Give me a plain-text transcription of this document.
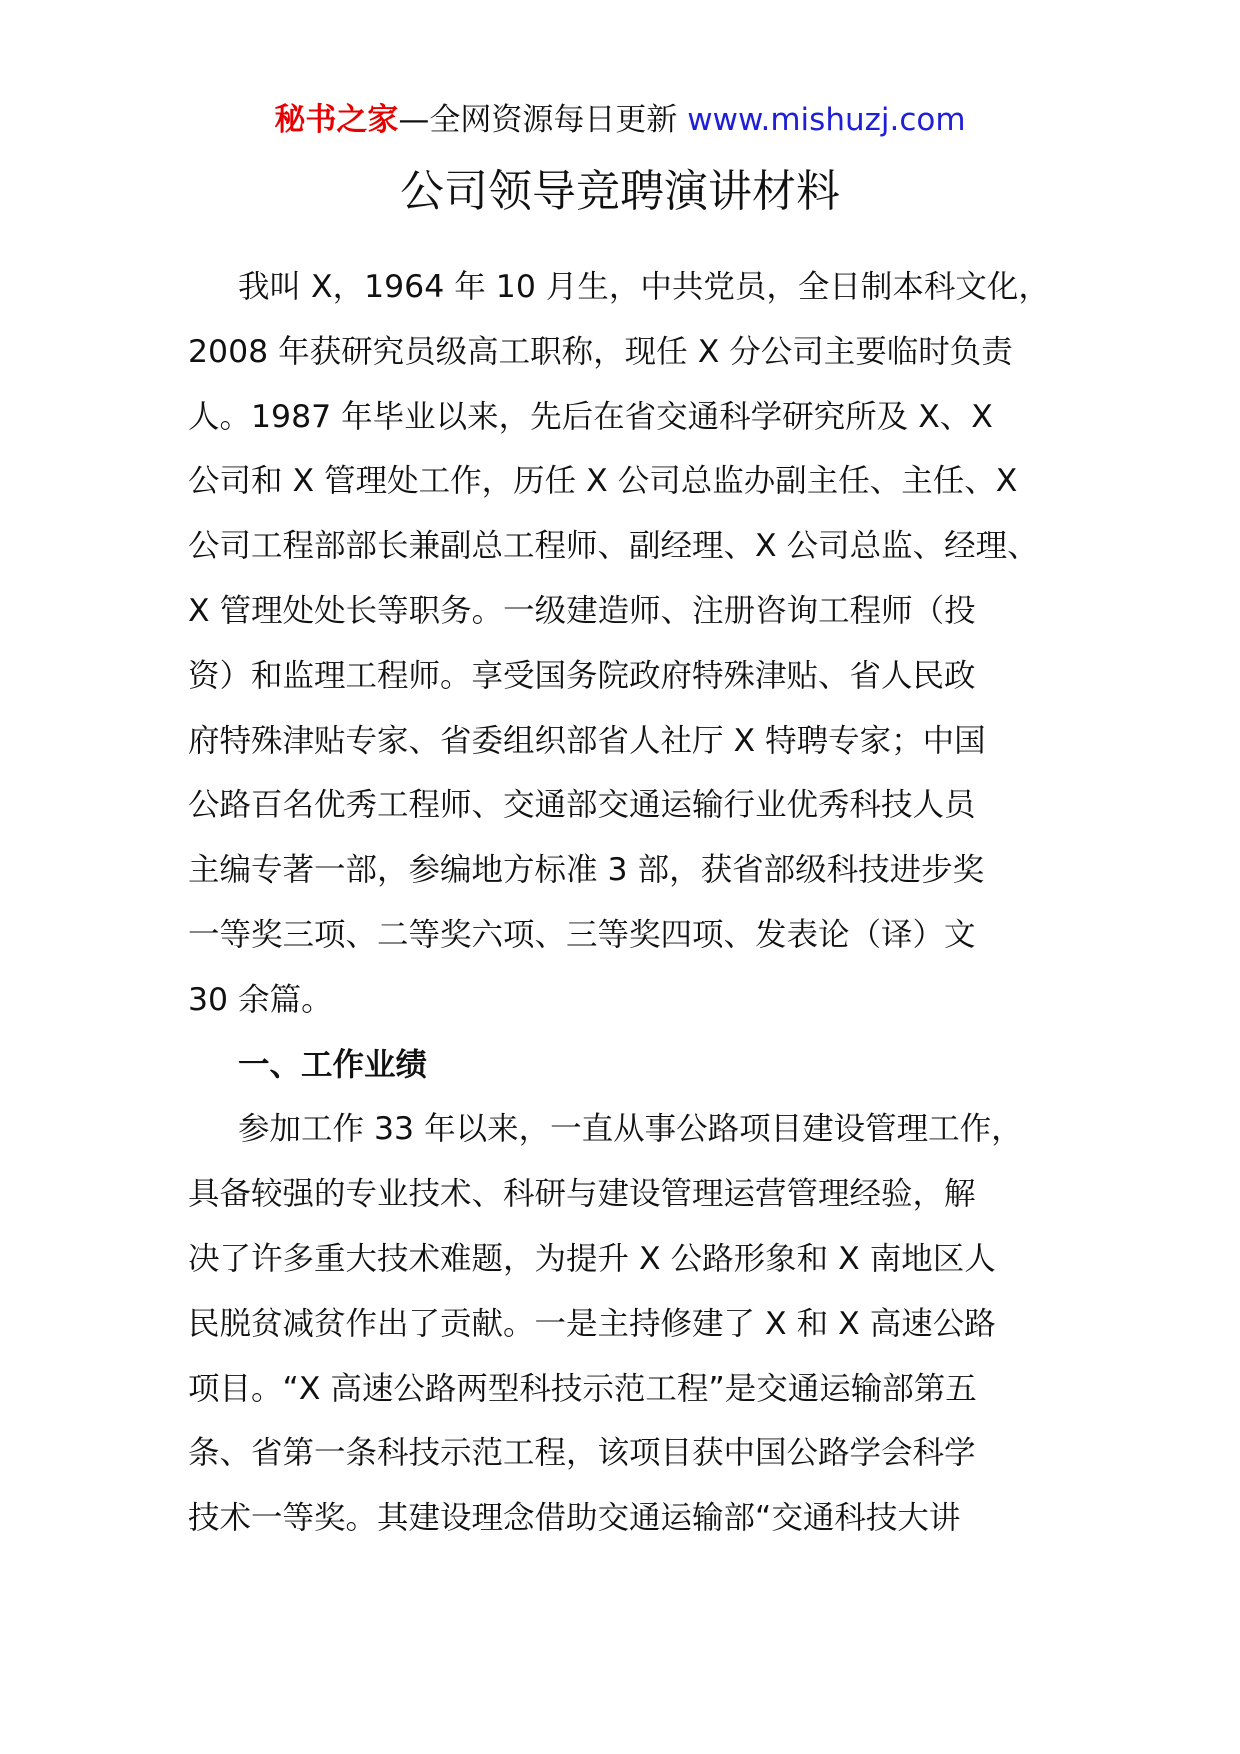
秘书之家—全网资源每日更新 www.mishuzj.com
公司领导竞聘演讲材料
我叫 X，1964 年 10 月生，中共党员，全日制本科文化，
2008 年获研究员级高工职称，现任 X 分公司主要临时负责
人。1987 年毕业以来，先后在省交通科学研究所及 X、X
公司和 X 管理处工作，历任 X 公司总监办副主任、主任、X
公司工程部部长兼副总工程师、副经理、X 公司总监、经理、
X 管理处处长等职务。一级建造师、注册咨询工程师（投
资）和监理工程师。享受国务院政府特殊津贴、省人民政
府特殊津贴专家、省委组织部省人社厅 X 特聘专家；中国
公路百名优秀工程师、交通部交通运输行业优秀科技人员
主编专著一部，参编地方标准 3 部，获省部级科技进步奖
一等奖三项、二等奖六项、三等奖四项、发表论（译）文
30 余篇。
一、工作业绩
参加工作 33 年以来，一直从事公路项目建设管理工作，
具备较强的专业技术、科研与建设管理运营管理经验，解
决了许多重大技术难题，为提升 X 公路形象和 X 南地区人
民脱贫减贫作出了贡献。一是主持修建了 X 和 X 高速公路
项目。“X 高速公路两型科技示范工程”是交通运输部第五
条、省第一条科技示范工程，该项目获中国公路学会科学
技术一等奖。其建设理念借助交通运输部“交通科技大讲
